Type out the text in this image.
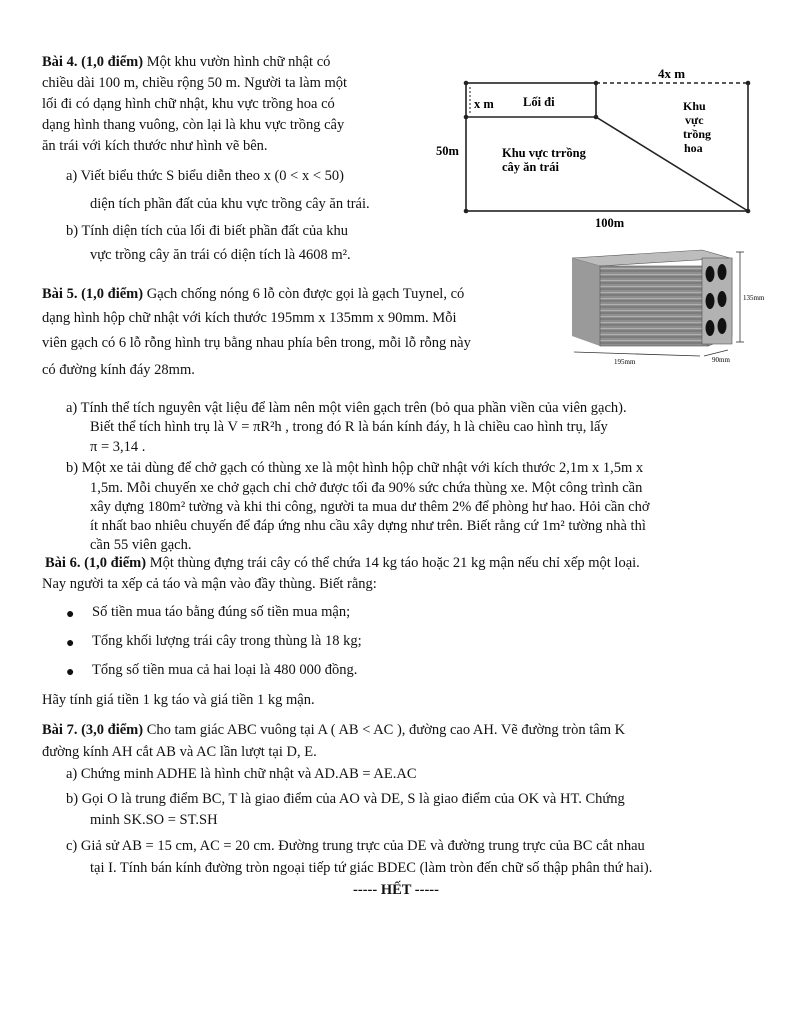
Bài 4. (1,0 điểm) Một khu vườn hình chữ nhật có
chiều dài 100 m, chiều rộng 50 m. Người ta làm một
lối đi có dạng hình chữ nhật, khu vực trồng hoa có
dạng hình thang vuông, còn lại là khu vực trồng cây
ăn trái với kích thước như hình vẽ bên.
a) Viết biểu thức S biểu diễn theo x (0 < x < 50)
diện tích phần đất của khu vực trồng cây ăn trái.
b) Tính diện tích của lối đi biết phần đất của khu
vực trồng cây ăn trái có diện tích là 4608 m².
4x m
x m Lối đi	Khu
vực
trồng
hoa
Khu vực trrồng
cây ăn trái
50m
100m
Bài 5. (1,0 điểm) Gạch chống nóng 6 lỗ còn được gọi là gạch Tuynel, có
dạng hình hộp chữ nhật với kích thước 195mm x 135mm x 90mm. Mỗi
viên gạch có 6 lỗ rỗng hình trụ bằng nhau phía bên trong, mỗi lỗ rỗng này
có đường kính đáy 28mm.
135mm
195mm	90mm
a) Tính thể tích nguyên vật liệu để làm nên một viên gạch trên (bỏ qua phần viền của viên gạch).
Biết thể tích hình trụ là V = πR²h , trong đó R là bán kính đáy, h là chiều cao hình trụ, lấy
π = 3,14 .
b) Một xe tải dùng để chở gạch có thùng xe là một hình hộp chữ nhật với kích thước 2,1m x 1,5m x
1,5m. Mỗi chuyến xe chở gạch chỉ chở được tối đa 90% sức chứa thùng xe. Một công trình cần
xây dựng 180m² tường và khi thi công, người ta mua dư thêm 2% để phòng hư hao. Hỏi cần chở
ít nhất bao nhiêu chuyến để đáp ứng nhu cầu xây dựng như trên. Biết rằng cứ 1m² tường nhà thì
cần 55 viên gạch.
Bài 6. (1,0 điểm) Một thùng đựng trái cây có thể chứa 14 kg táo hoặc 21 kg mận nếu chỉ xếp một loại.
Nay người ta xếp cả táo và mận vào đầy thùng. Biết rằng:
● Số tiền mua táo bằng đúng số tiền mua mận;
● Tổng khối lượng trái cây trong thùng là 18 kg;
● Tổng số tiền mua cả hai loại là 480 000 đồng.
Hãy tính giá tiền 1 kg táo và giá tiền 1 kg mận.
Bài 7. (3,0 điểm) Cho tam giác ABC vuông tại A ( AB < AC ), đường cao AH. Vẽ đường tròn tâm K
đường kính AH cắt AB và AC lần lượt tại D, E.
a) Chứng minh ADHE là hình chữ nhật và AD.AB = AE.AC
b) Gọi O là trung điểm BC, T là giao điểm của AO và DE, S là giao điểm của OK và HT. Chứng
minh SK.SO = ST.SH
c) Giả sử AB = 15 cm, AC = 20 cm. Đường trung trực của DE và đường trung trực của BC cắt nhau
tại I. Tính bán kính đường tròn ngoại tiếp tứ giác BDEC (làm tròn đến chữ số thập phân thứ hai).
----- HẾT -----
